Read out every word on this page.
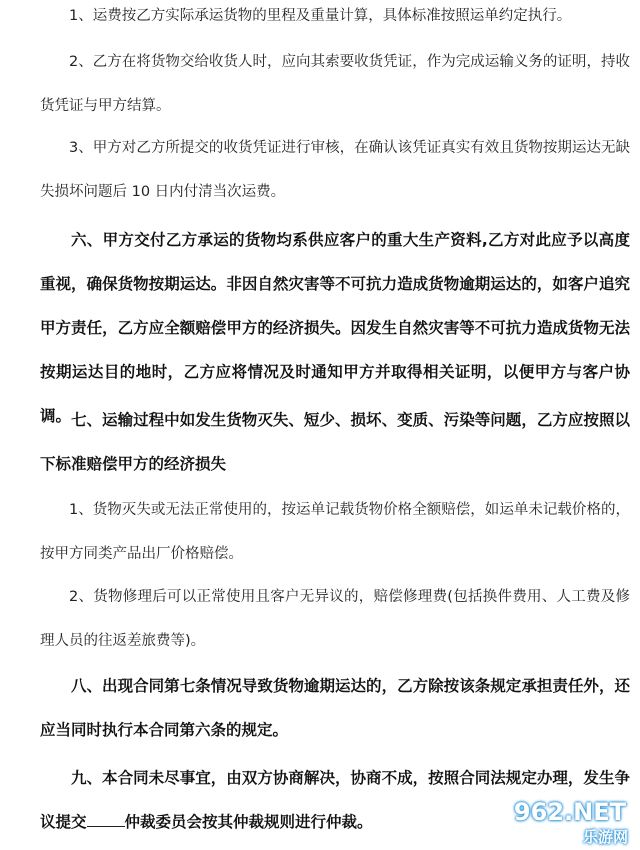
1、运费按乙方实际承运货物的里程及重量计算，具体标准按照运单约定执行。

2、乙方在将货物交给收货人时，应向其索要收货凭证，作为完成运输义务的证明，持收货凭证与甲方结算。

3、甲方对乙方所提交的收货凭证进行审核，在确认该凭证真实有效且货物按期运达无缺失损坏问题后 10 日内付清当次运费。

六、甲方交付乙方承运的货物均系供应客户的重大生产资料,乙方对此应予以高度重视，确保货物按期运达。非因自然灾害等不可抗力造成货物逾期运达的，如客户追究甲方责任，乙方应全额赔偿甲方的经济损失。因发生自然灾害等不可抗力造成货物无法按期运达目的地时，乙方应将情况及时通知甲方并取得相关证明，以便甲方与客户协调。 七、运输过程中如发生货物灭失、短少、损坏、变质、污染等问题，乙方应按照以下标准赔偿甲方的经济损失

1、货物灭失或无法正常使用的，按运单记载货物价格全额赔偿，如运单未记载价格的，按甲方同类产品出厂价格赔偿。

2、货物修理后可以正常使用且客户无异议的，赔偿修理费(包括换件费用、人工费及修理人员的往返差旅费等)。

八、出现合同第七条情况导致货物逾期运达的，乙方除按该条规定承担责任外，还应当同时执行本合同第六条的规定。

九、本合同未尽事宜，由双方协商解决，协商不成，按照合同法规定办理，发生争议提交 仲裁委员会按其仲裁规则进行仲裁。	962.NET
乐游网
